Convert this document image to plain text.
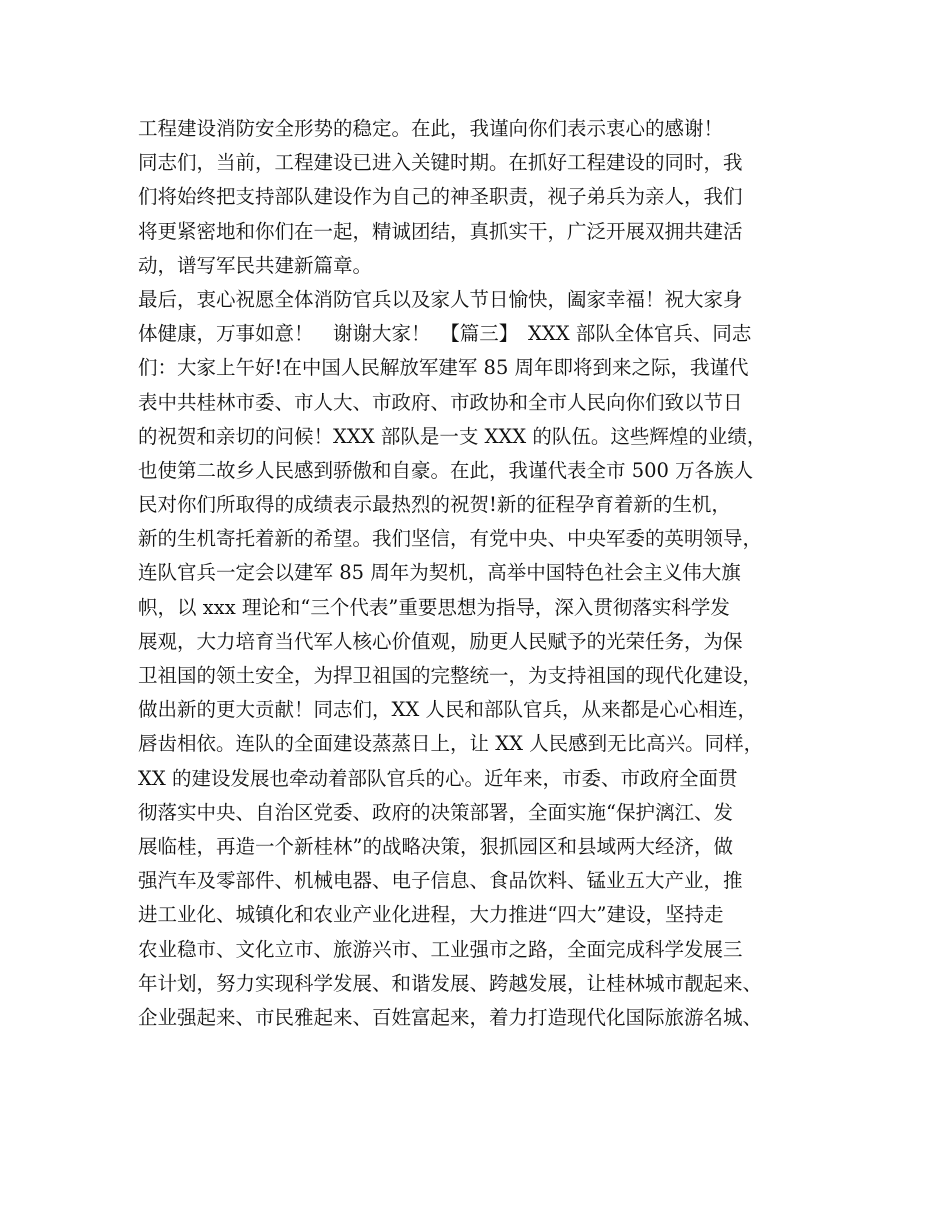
工程建设消防安全形势的稳定。在此，我谨向你们表示衷心的感谢！
同志们，当前，工程建设已进入关键时期。在抓好工程建设的同时，我
们将始终把支持部队建设作为自己的神圣职责，视子弟兵为亲人，我们
将更紧密地和你们在一起，精诚团结，真抓实干，广泛开展双拥共建活
动，谱写军民共建新篇章。
最后，衷心祝愿全体消防官兵以及家人节日愉快，阖家幸福！祝大家身
体健康，万事如意！　谢谢大家！　【篇三】　XXX 部队全体官兵、同志
们：大家上午好!在中国人民解放军建军 85 周年即将到来之际，我谨代
表中共桂林市委、市人大、市政府、市政协和全市人民向你们致以节日
的祝贺和亲切的问候！XXX 部队是一支 XXX 的队伍。这些辉煌的业绩，
也使第二故乡人民感到骄傲和自豪。在此，我谨代表全市 500 万各族人
民对你们所取得的成绩表示最热烈的祝贺!新的征程孕育着新的生机，
新的生机寄托着新的希望。我们坚信，有党中央、中央军委的英明领导，
连队官兵一定会以建军 85 周年为契机，高举中国特色社会主义伟大旗
帜，以 xxx 理论和“三个代表”重要思想为指导，深入贯彻落实科学发
展观，大力培育当代军人核心价值观，励更人民赋予的光荣任务，为保
卫祖国的领土安全，为捍卫祖国的完整统一，为支持祖国的现代化建设，
做出新的更大贡献！同志们，XX 人民和部队官兵，从来都是心心相连，
唇齿相依。连队的全面建设蒸蒸日上，让 XX 人民感到无比高兴。同样，
XX 的建设发展也牵动着部队官兵的心。近年来，市委、市政府全面贯
彻落实中央、自治区党委、政府的决策部署，全面实施“保护漓江、发
展临桂，再造一个新桂林”的战略决策，狠抓园区和县域两大经济，做
强汽车及零部件、机械电器、电子信息、食品饮料、锰业五大产业，推
进工业化、城镇化和农业产业化进程，大力推进“四大”建设，坚持走
农业稳市、文化立市、旅游兴市、工业强市之路，全面完成科学发展三
年计划，努力实现科学发展、和谐发展、跨越发展，让桂林城市靓起来、
企业强起来、市民雅起来、百姓富起来，着力打造现代化国际旅游名城、
